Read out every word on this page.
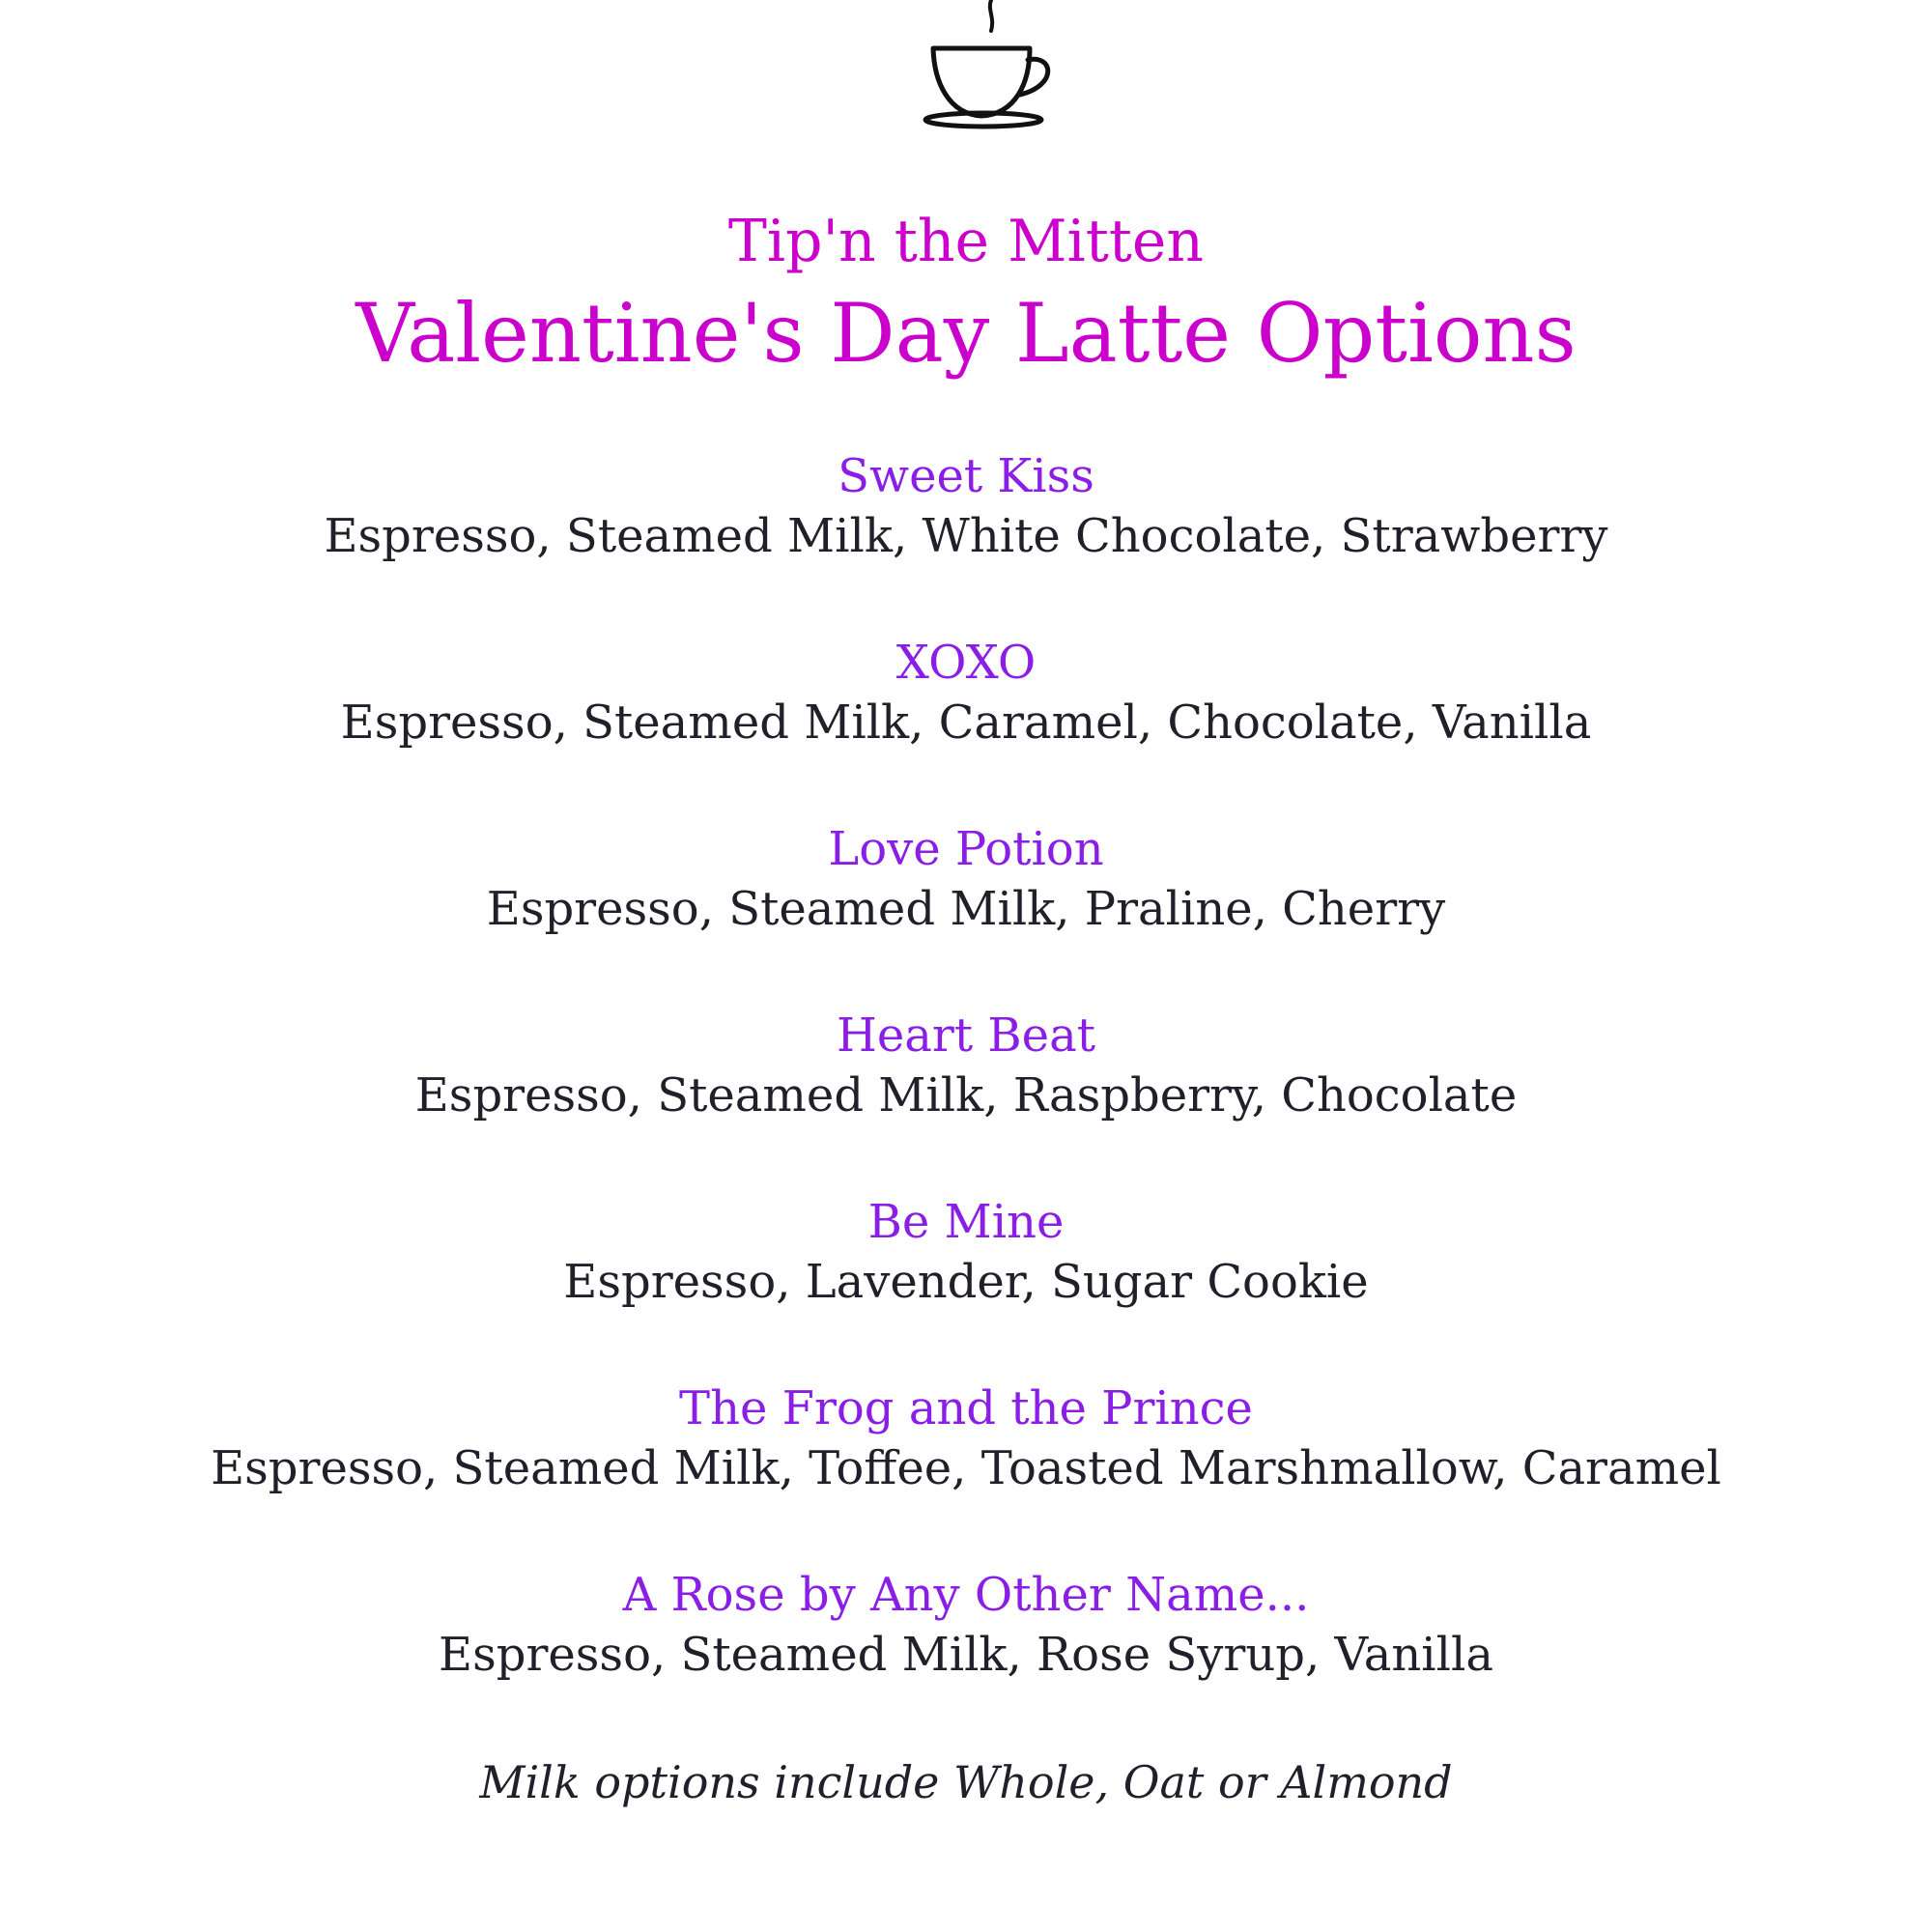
Tip'n the Mitten
Valentine's Day Latte Options
Sweet Kiss
Espresso, Steamed Milk, White Chocolate, Strawberry
XOXO
Espresso, Steamed Milk, Caramel, Chocolate, Vanilla
Love Potion
Espresso, Steamed Milk, Praline, Cherry
Heart Beat
Espresso, Steamed Milk, Raspberry, Chocolate
Be Mine
Espresso, Lavender, Sugar Cookie
The Frog and the Prince
Espresso, Steamed Milk, Toffee, Toasted Marshmallow, Caramel
A Rose by Any Other Name...
Espresso, Steamed Milk, Rose Syrup, Vanilla
Milk options include Whole, Oat or Almond
